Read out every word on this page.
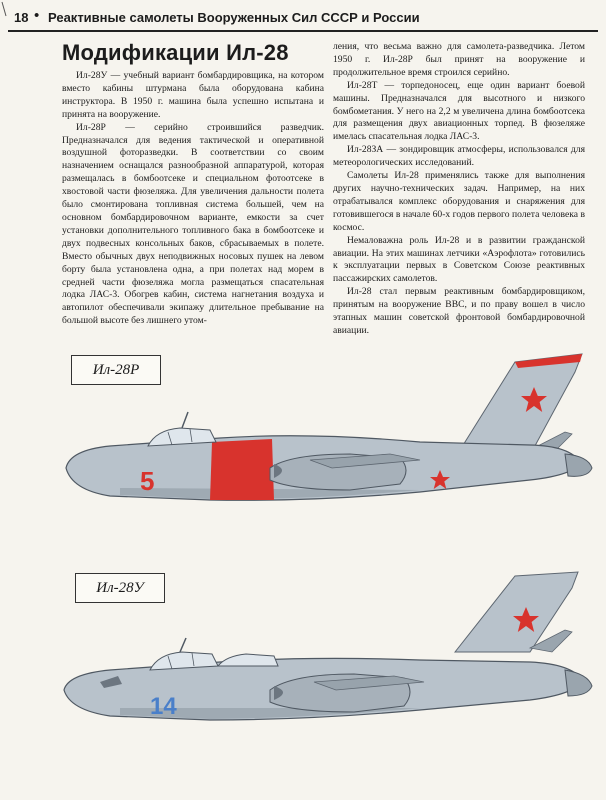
18 • Реактивные самолеты Вооруженных Сил СССР и России
Модификации Ил-28

Ил-28У — учебный вариант бомбардировщика, на котором вместо кабины штурмана была оборудована кабина инструктора. В 1950 г. машина была успешно испытана и принята на вооружение.

Ил-28Р — серийно строившийся разведчик. Предназначался для ведения тактической и оперативной воздушной фоторазведки. В соответствии со своим назначением оснащался разнообразной аппаратурой, которая размещалась в бомбоотсеке и специальном фотоотсеке в хвостовой части фюзеляжа. Для увеличения дальности полета было смонтирована топливная система большей, чем на основном бомбардировочном варианте, емкости за счет установки дополнительного топливного бака в бомбоотсеке и двух подвесных консольных баков, сбрасываемых в полете. Вместо обычных двух неподвижных носовых пушек на левом борту была установлена одна, а при полетах над морем в средней части фюзеляжа могла размещаться спасательная лодка ЛАС-3. Обогрев кабин, система нагнетания воздуха и автопилот обеспечивали экипажу длительное пребывание на большой высоте без лишнего утом-

ления, что весьма важно для самолета-разведчика. Летом 1950 г. Ил-28Р был принят на вооружение и продолжительное время строился серийно.

Ил-28Т — торпедоносец, еще один вариант боевой машины. Предназначался для высотного и низкого бомбометания. У него на 2,2 м увеличена длина бомбоотсека для размещения двух авиационных торпед. В фюзеляже имелась спасательная лодка ЛАС-3.

Ил-28ЗА — зондировщик атмосферы, использовался для метеорологических исследований.

Самолеты Ил-28 применялись также для выполнения других научно-технических задач. Например, на них отрабатывался комплекс оборудования и снаряжения для готовившегося в начале 60-х годов первого полета человека в космос.

Немаловажна роль Ил-28 и в развитии гражданской авиации. На этих машинах летчики «Аэрофлота» готовились к эксплуатации первых в Советском Союзе реактивных пассажирских самолетов.

Ил-28 стал первым реактивным бомбардировщиком, принятым на вооружение ВВС, и по праву вошел в число этапных машин советской фронтовой бомбардировочной авиации.

5
14
Ил-28Р
Ил-28У
